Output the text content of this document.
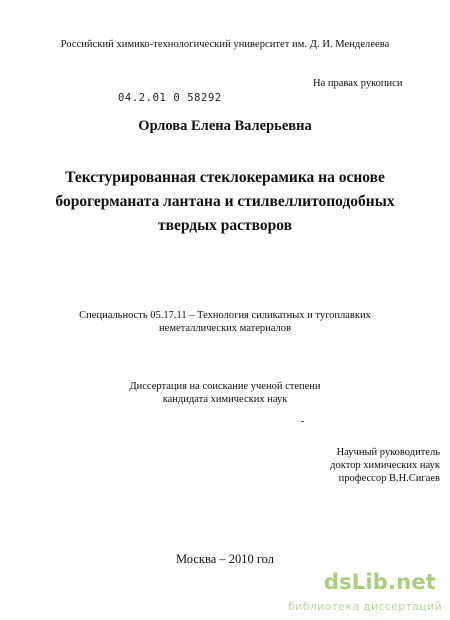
Российский химико-технологический университет им. Д. И. Менделеева
На правах рукописи
04.2.01 0 58292
Орлова Елена Валерьевна
Текстурированная стеклокерамика на основе
боpогерманата лантана и стилвеллитоподобных
твердых растворов
Специальность 05.17.11 – Технология силикатных и тугоплавких
неметаллических материалов
Диссертация на соискание ученой степени
кандидата химических наук
Научный руководитель
доктор химических наук
профессор В.Н.Сигаев
Москва – 2010 гол
dsLib.net
библиотека диссертаций
